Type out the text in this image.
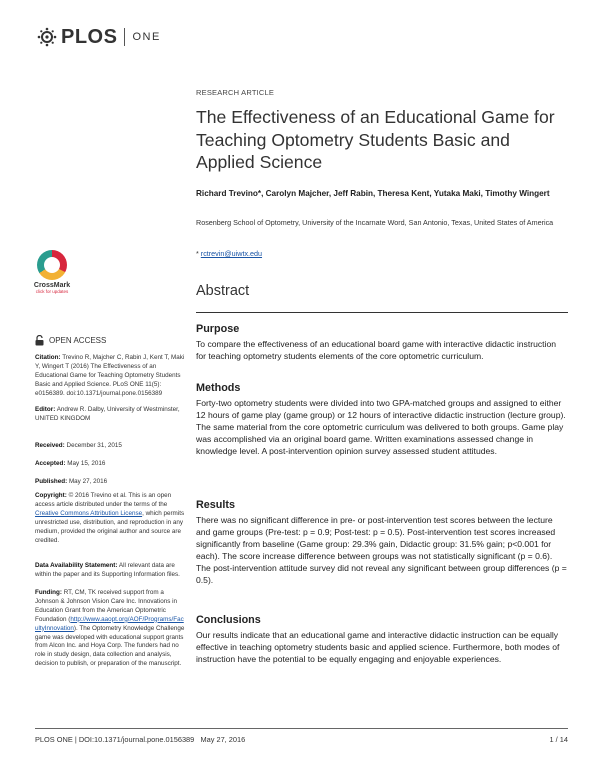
PLOS ONE
CrossMark
click for updates
OPEN ACCESS
Citation: Trevino R, Majcher C, Rabin J, Kent T, Maki Y, Wingert T (2016) The Effectiveness of an Educational Game for Teaching Optometry Students Basic and Applied Science. PLoS ONE 11(5): e0156389. doi:10.1371/journal.pone.0156389
Editor: Andrew R. Dalby, University of Westminster, UNITED KINGDOM
Received: December 31, 2015
Accepted: May 15, 2016
Published: May 27, 2016
Copyright: © 2016 Trevino et al. This is an open access article distributed under the terms of the Creative Commons Attribution License, which permits unrestricted use, distribution, and reproduction in any medium, provided the original author and source are credited.
Data Availability Statement: All relevant data are within the paper and its Supporting Information files.
Funding: RT, CM, TK received support from a Johnson & Johnson Vision Care Inc. Innovations in Education Grant from the American Optometric Foundation (http://www.aaopt.org/AOF/Programs/FacultyInnovation). The Optometry Knowledge Challenge game was developed with educational support grants from Alcon Inc. and Hoya Corp. The funders had no role in study design, data collection and analysis, decision to publish, or preparation of the manuscript.
RESEARCH ARTICLE
The Effectiveness of an Educational Game for Teaching Optometry Students Basic and Applied Science
Richard Trevino*, Carolyn Majcher, Jeff Rabin, Theresa Kent, Yutaka Maki, Timothy Wingert
Rosenberg School of Optometry, University of the Incarnate Word, San Antonio, Texas, United States of America
* rctrevin@uiwtx.edu
Abstract
Purpose
To compare the effectiveness of an educational board game with interactive didactic instruction for teaching optometry students elements of the core optometric curriculum.
Methods
Forty-two optometry students were divided into two GPA-matched groups and assigned to either 12 hours of game play (game group) or 12 hours of interactive didactic instruction (lecture group). The same material from the core optometric curriculum was delivered to both groups. Game play was accomplished via an original board game. Written examinations assessed change in knowledge level. A post-intervention opinion survey assessed student attitudes.
Results
There was no significant difference in pre- or post-intervention test scores between the lecture and game groups (Pre-test: p = 0.9; Post-test: p = 0.5). Post-intervention test scores increased significantly from baseline (Game group: 29.3% gain, Didactic group: 31.5% gain; p<0.001 for each). The score increase difference between groups was not statistically significant (p = 0.6). The post-intervention attitude survey did not reveal any significant between group differences (p = 0.5).
Conclusions
Our results indicate that an educational game and interactive didactic instruction can be equally effective in teaching optometry students basic and applied science. Furthermore, both modes of instruction have the potential to be equally engaging and enjoyable experiences.
PLOS ONE | DOI:10.1371/journal.pone.0156389   May 27, 2016	1 / 14
